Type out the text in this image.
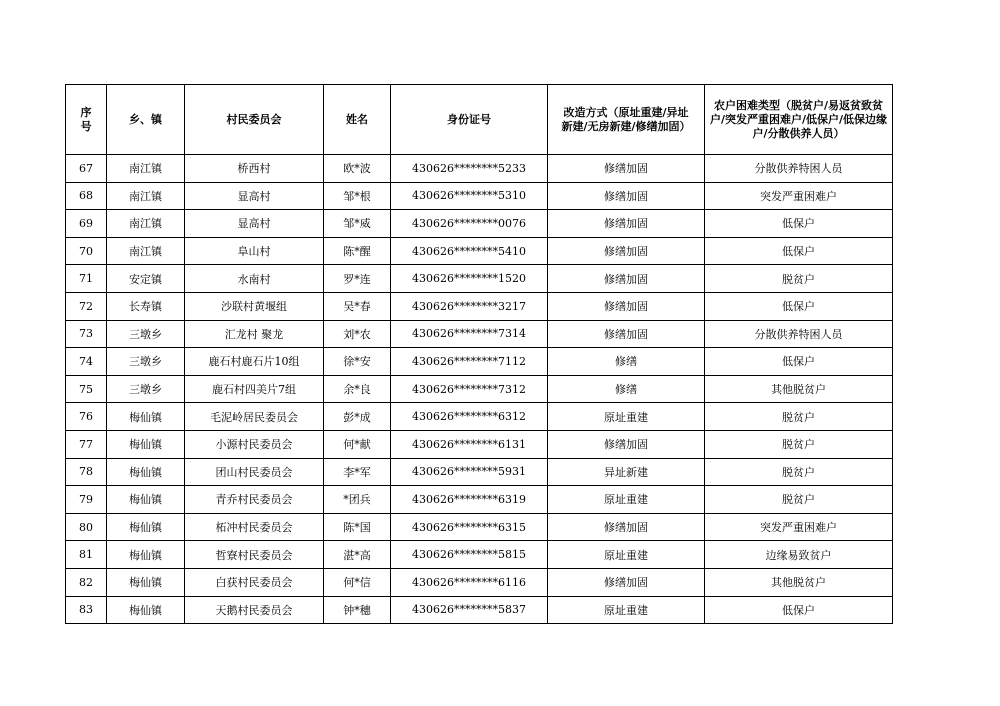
序号	乡、镇	村民委员会	姓名	身份证号	改造方式（原址重建/异址新建/无房新建/修缮加固）	农户困难类型（脱贫户/易返贫致贫户/突发严重困难户/低保户/低保边缘户/分散供养人员）
67	南江镇	桥西村	欧*波	430626********5233	修缮加固	分散供养特困人员
68	南江镇	显高村	邹*根	430626********5310	修缮加固	突发严重困难户
69	南江镇	显高村	邹*威	430626********0076	修缮加固	低保户
70	南江镇	阜山村	陈*醒	430626********5410	修缮加固	低保户
71	安定镇	水南村	罗*连	430626********1520	修缮加固	脱贫户
72	长寿镇	沙联村黄堰组	吴*春	430626********3217	修缮加固	低保户
73	三墩乡	汇龙村 聚龙	刘*农	430626********7314	修缮加固	分散供养特困人员
74	三墩乡	鹿石村鹿石片10组	徐*安	430626********7112	修缮	低保户
75	三墩乡	鹿石村四美片7组	余*良	430626********7312	修缮	其他脱贫户
76	梅仙镇	毛泥岭居民委员会	彭*成	430626********6312	原址重建	脱贫户
77	梅仙镇	小源村民委员会	何*献	430626********6131	修缮加固	脱贫户
78	梅仙镇	团山村民委员会	李*军	430626********5931	异址新建	脱贫户
79	梅仙镇	青乔村民委员会	*团兵	430626********6319	原址重建	脱贫户
80	梅仙镇	柘冲村民委员会	陈*国	430626********6315	修缮加固	突发严重困难户
81	梅仙镇	哲寮村民委员会	湛*高	430626********5815	原址重建	边缘易致贫户
82	梅仙镇	白获村民委员会	何*信	430626********6116	修缮加固	其他脱贫户
83	梅仙镇	天鹅村民委员会	钟*穗	430626********5837	原址重建	低保户
